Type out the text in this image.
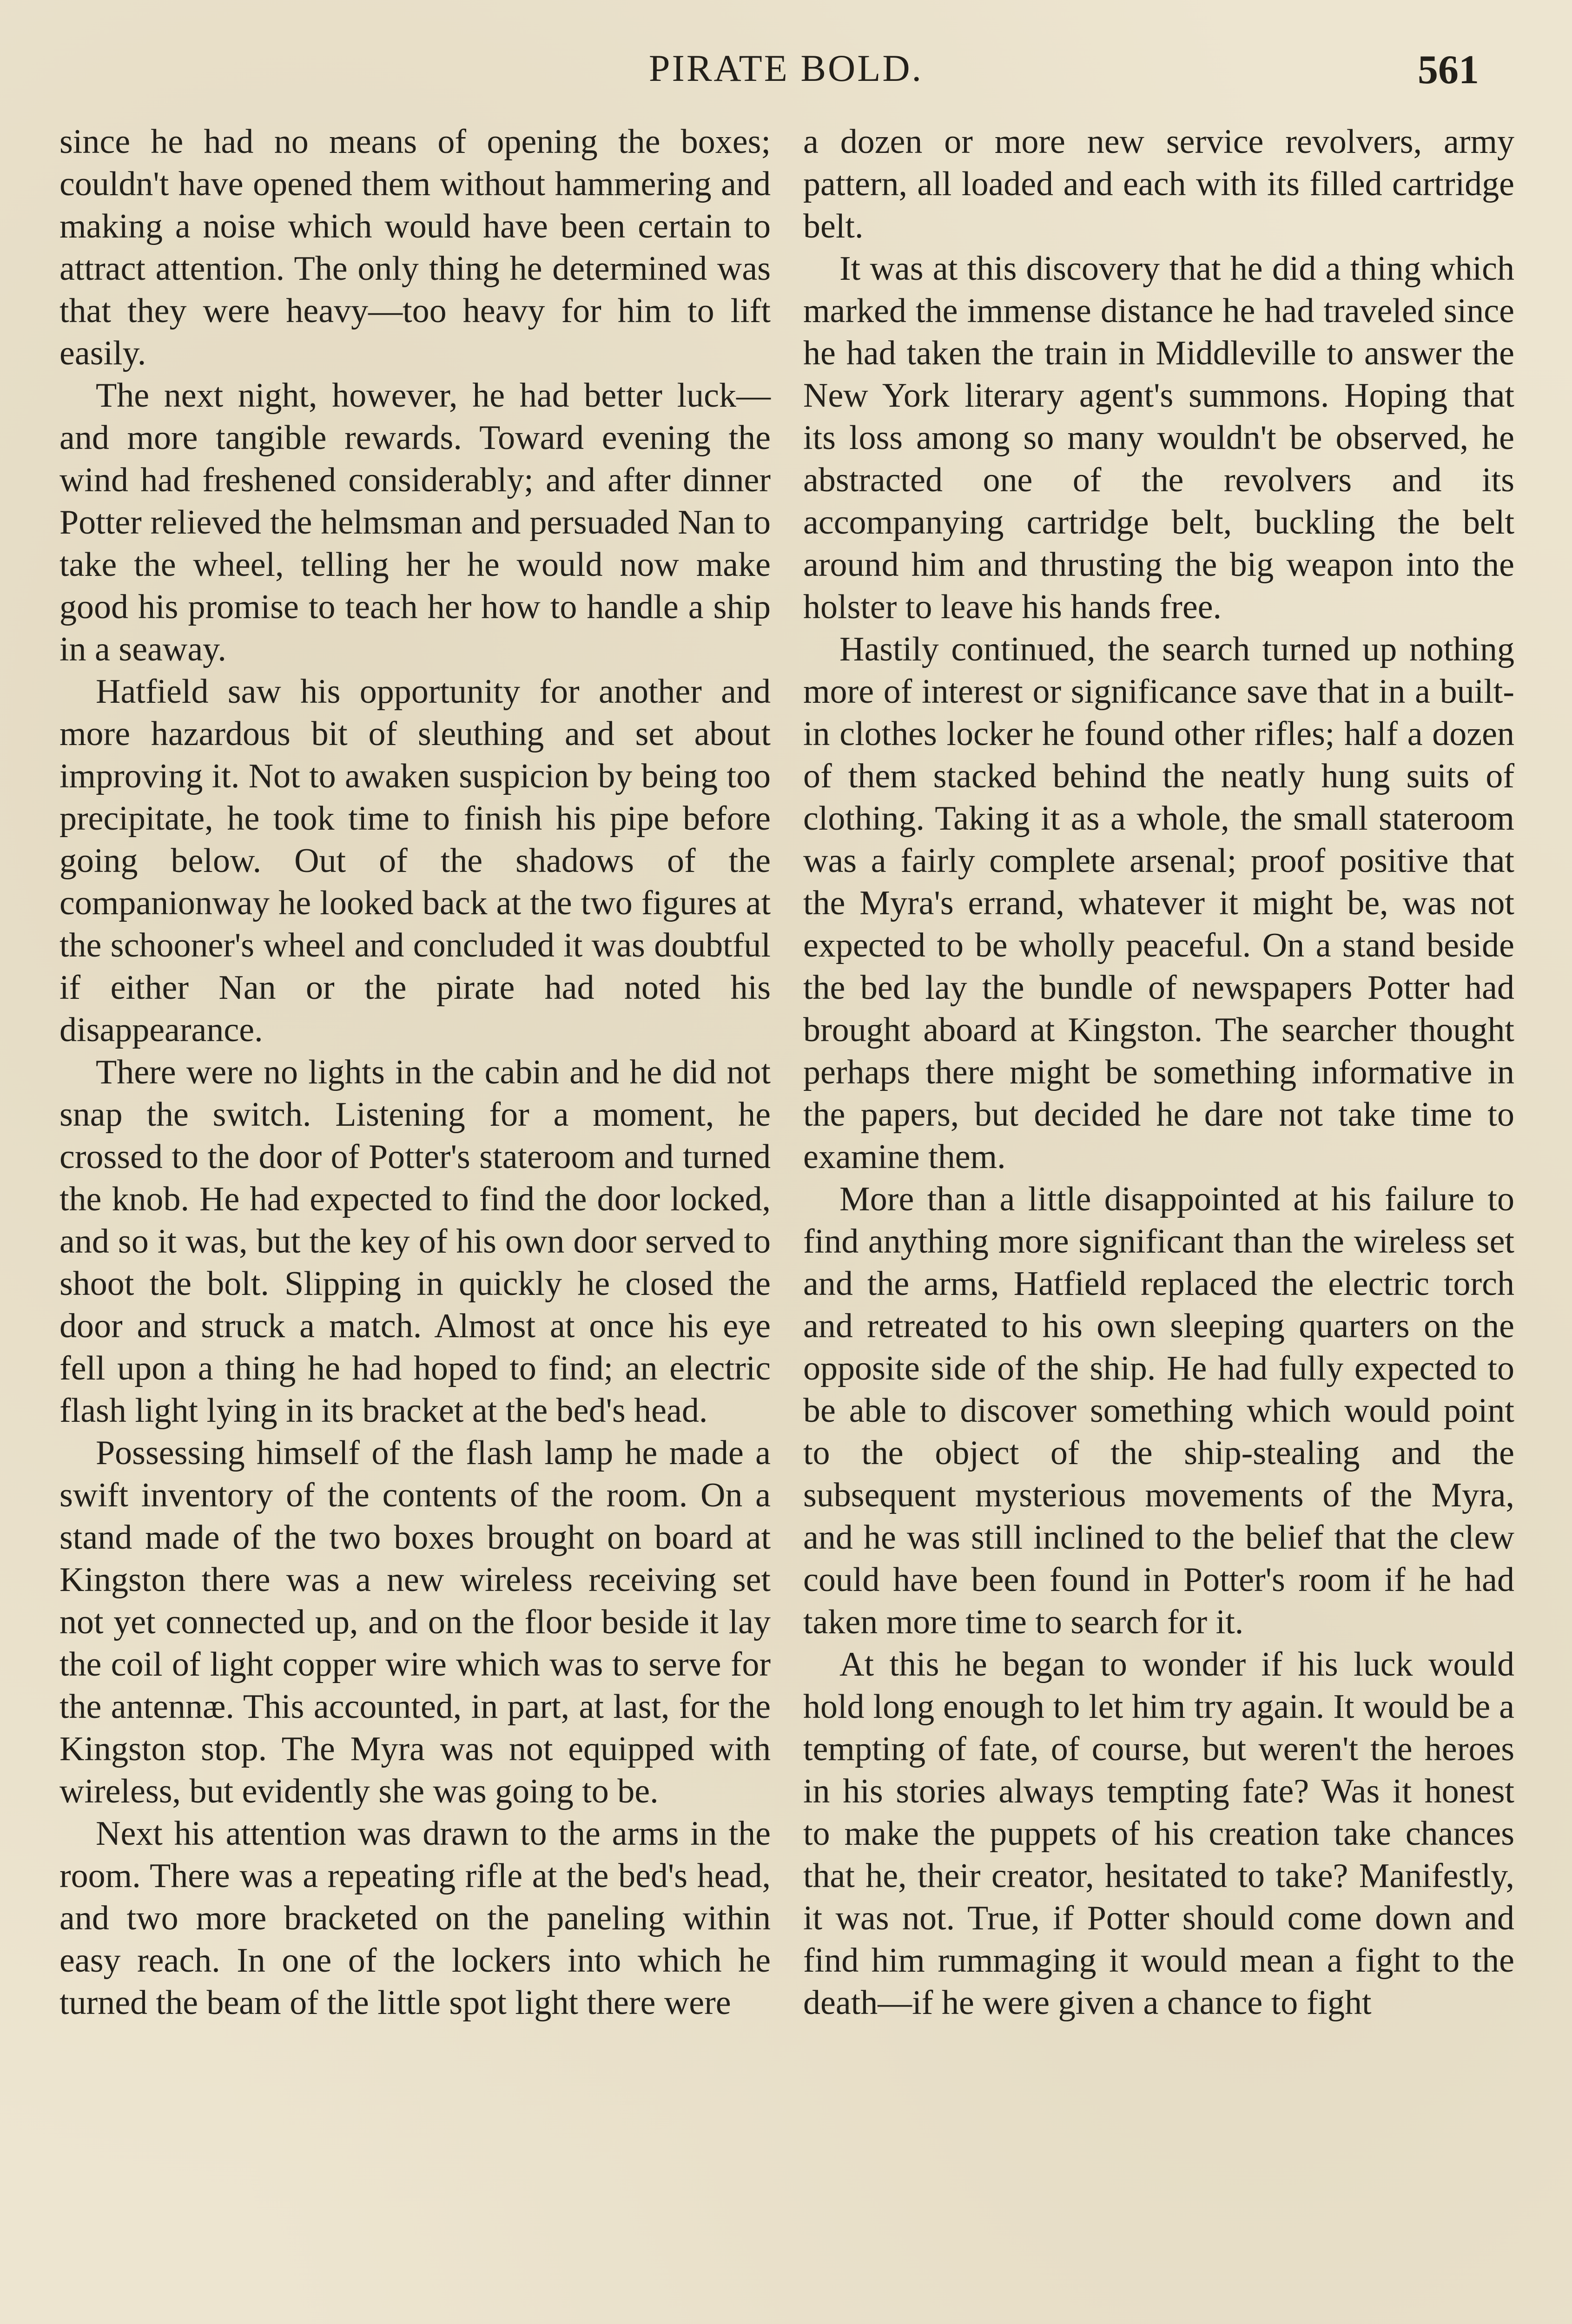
PIRATE BOLD.	561

since he had no means of opening the boxes; couldn't have opened them without hammering and making a noise which would have been certain to attract attention. The only thing he determined was that they were heavy—too heavy for him to lift easily.

The next night, however, he had better luck—and more tangible rewards. Toward evening the wind had freshened considerably; and after dinner Potter relieved the helmsman and persuaded Nan to take the wheel, telling her he would now make good his promise to teach her how to handle a ship in a seaway.

Hatfield saw his opportunity for another and more hazardous bit of sleuthing and set about improving it. Not to awaken suspicion by being too precipitate, he took time to finish his pipe before going below. Out of the shadows of the companionway he looked back at the two figures at the schooner's wheel and concluded it was doubtful if either Nan or the pirate had noted his disappearance.

There were no lights in the cabin and he did not snap the switch. Listening for a moment, he crossed to the door of Potter's stateroom and turned the knob. He had expected to find the door locked, and so it was, but the key of his own door served to shoot the bolt. Slipping in quickly he closed the door and struck a match. Almost at once his eye fell upon a thing he had hoped to find; an electric flash light lying in its bracket at the bed's head.

Possessing himself of the flash lamp he made a swift inventory of the contents of the room. On a stand made of the two boxes brought on board at Kingston there was a new wireless receiving set not yet connected up, and on the floor beside it lay the coil of light copper wire which was to serve for the antennæ. This accounted, in part, at last, for the Kingston stop. The Myra was not equipped with wireless, but evidently she was going to be.

Next his attention was drawn to the arms in the room. There was a repeating rifle at the bed's head, and two more bracketed on the paneling within easy reach. In one of the lockers into which he turned the beam of the little spot light there were

a dozen or more new service revolvers, army pattern, all loaded and each with its filled cartridge belt.

It was at this discovery that he did a thing which marked the immense distance he had traveled since he had taken the train in Middleville to answer the New York literary agent's summons. Hoping that its loss among so many wouldn't be observed, he abstracted one of the revolvers and its accompanying cartridge belt, buckling the belt around him and thrusting the big weapon into the holster to leave his hands free.

Hastily continued, the search turned up nothing more of interest or significance save that in a built-in clothes locker he found other rifles; half a dozen of them stacked behind the neatly hung suits of clothing. Taking it as a whole, the small stateroom was a fairly complete arsenal; proof positive that the Myra's errand, whatever it might be, was not expected to be wholly peaceful. On a stand beside the bed lay the bundle of newspapers Potter had brought aboard at Kingston. The searcher thought perhaps there might be something informative in the papers, but decided he dare not take time to examine them.

More than a little disappointed at his failure to find anything more significant than the wireless set and the arms, Hatfield replaced the electric torch and retreated to his own sleeping quarters on the opposite side of the ship. He had fully expected to be able to discover something which would point to the object of the ship-stealing and the subsequent mysterious movements of the Myra, and he was still inclined to the belief that the clew could have been found in Potter's room if he had taken more time to search for it.

At this he began to wonder if his luck would hold long enough to let him try again. It would be a tempting of fate, of course, but weren't the heroes in his stories always tempting fate? Was it honest to make the puppets of his creation take chances that he, their creator, hesitated to take? Manifestly, it was not. True, if Potter should come down and find him rummaging it would mean a fight to the death—if he were given a chance to fight
